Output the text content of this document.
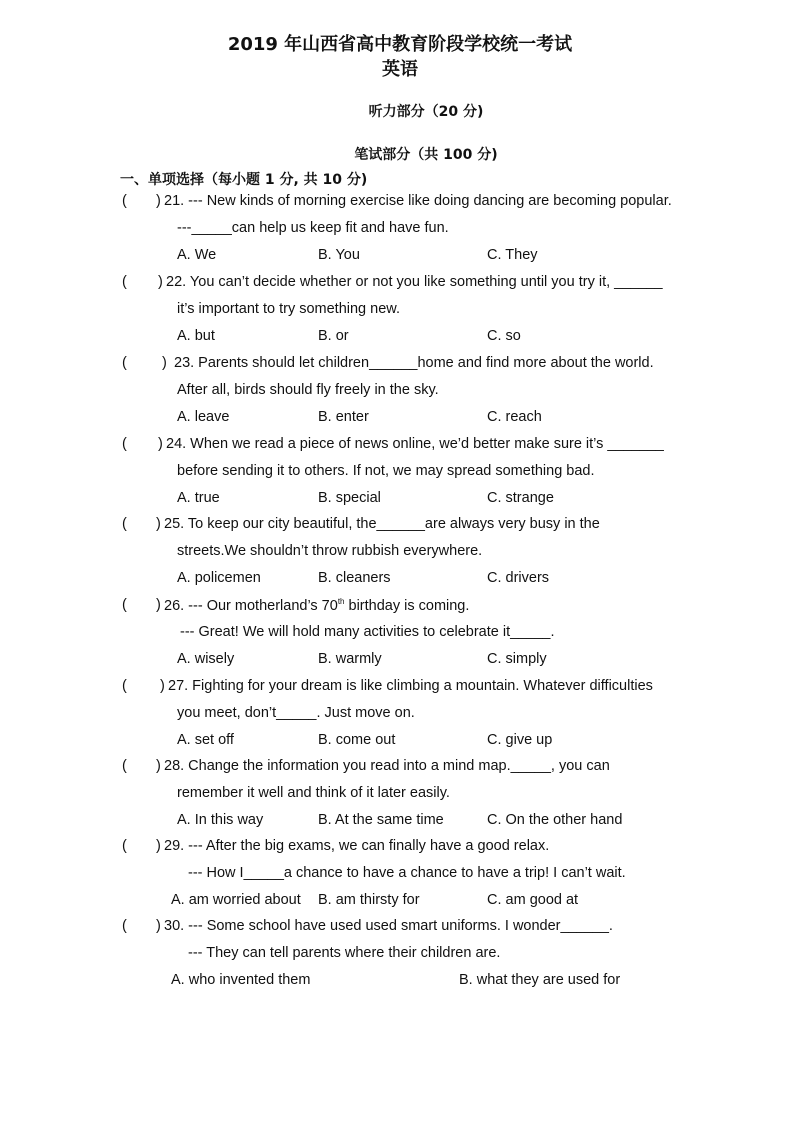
2019 年山西省高中教育阶段学校统一考试
英语
听力部分（20 分)
笔试部分（共 100 分)
一、单项选择（每小题 1 分, 共 10 分)
( ) 21. --- New kinds of morning exercise like doing dancing are becoming popular.
---_____can help us keep fit and have fun.
A. We	B. You	C. They
( ) 22. You can’t decide whether or not you like something until you try it, ______
it’s important to try something new.
A. but	B. or	C. so
( ) 23. Parents should let children______home and find more about the world.
After all, birds should fly freely in the sky.
A. leave	B. enter	C. reach
( ) 24. When we read a piece of news online, we’d better make sure it’s _______
before sending it to others. If not, we may spread something bad.
A. true	B. special	C. strange
( ) 25. To keep our city beautiful, the______are always very busy in the
streets.We shouldn’t throw rubbish everywhere.
A. policemen	B. cleaners	C. drivers
( ) 26. --- Our motherland’s 70th birthday is coming.
--- Great! We will hold many activities to celebrate it_____.
A. wisely	B. warmly	C. simply
( ) 27. Fighting for your dream is like climbing a mountain. Whatever difficulties
you meet, don’t_____. Just move on.
A. set off	B. come out	C. give up
( ) 28. Change the information you read into a mind map._____, you can
remember it well and think of it later easily.
A. In this way	B. At the same time	C. On the other hand
( ) 29. --- After the big exams, we can finally have a good relax.
--- How I_____a chance to have a chance to have a trip! I can’t wait.
A. am worried about B. am thirsty for	C. am good at
( ) 30. --- Some school have used used smart uniforms. I wonder______.
--- They can tell parents where their children are.
A. who invented them	B. what they are used for
